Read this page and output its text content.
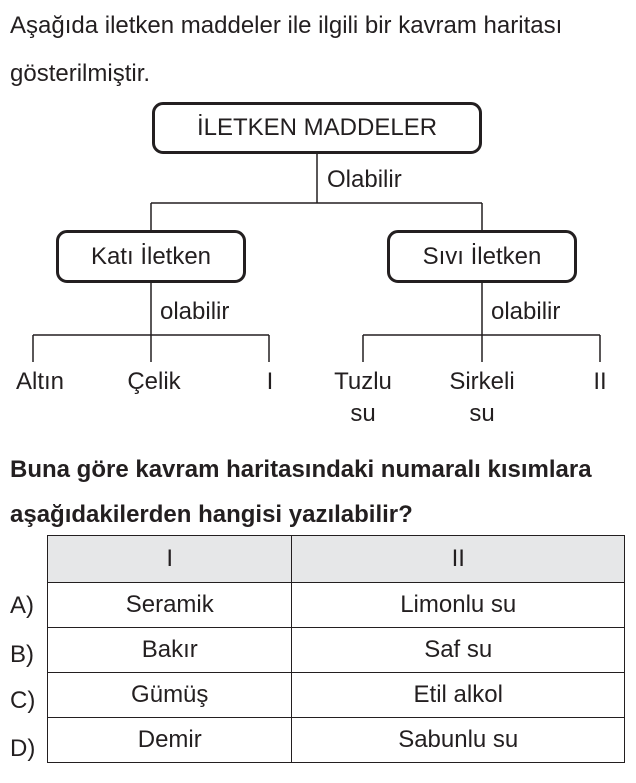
Aşağıda iletken maddeler ile ilgili bir kavram haritası gösterilmiştir.

İLETKEN MADDELER
Olabilir
Katı İletken	Sıvı İletken
olabilir	olabilir
Altın	Çelik	I	Tuzlu
su
Sirkeli
su
II

Buna göre kavram haritasındaki numaralı kısımlara aşağıdakilerden hangisi yazılabilir?

I	II
Seramik	Limonlu su
Bakır	Saf su
Gümüş	Etil alkol
Demir	Sabunlu su
A)
B)
C)
D)
